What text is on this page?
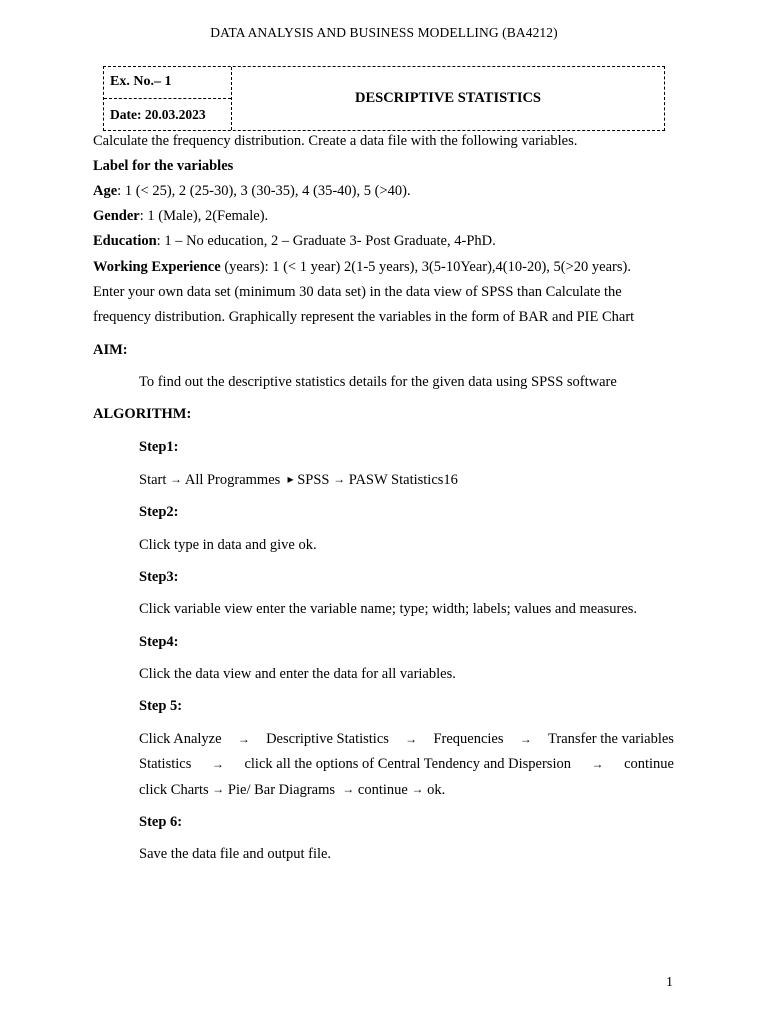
DATA ANALYSIS AND BUSINESS MODELLING (BA4212)
Ex. No.– 1
Date: 20.03.2023
DESCRIPTIVE STATISTICS
Calculate the frequency distribution. Create a data file with the following variables.
Label for the variables
Age: 1 (< 25), 2 (25-30), 3 (30-35), 4 (35-40), 5 (>40).
Gender: 1 (Male), 2(Female).
Education: 1 – No education, 2 – Graduate 3- Post Graduate, 4-PhD.
Working Experience (years): 1 (< 1 year) 2(1-5 years), 3(5-10Year),4(10-20), 5(>20 years).
Enter your own data set (minimum 30 data set) in the data view of SPSS than Calculate the
frequency distribution. Graphically represent the variables in the form of BAR and PIE Chart
AIM:
To find out the descriptive statistics details for the given data using SPSS software
ALGORITHM:
Step1:
Start → All Programmes ▸ SPSS → PASW Statistics16
Step2:
Click type in data and give ok.
Step3:
Click variable view enter the variable name; type; width; labels; values and measures.
Step4:
Click the data view and enter the data for all variables.
Step 5:
Click Analyze → Descriptive Statistics → Frequencies → Transfer the variables
Statistics → click all the options of Central Tendency and Dispersion → continue
click Charts → Pie/ Bar Diagrams → continue → ok.
Step 6:
Save the data file and output file.
1
